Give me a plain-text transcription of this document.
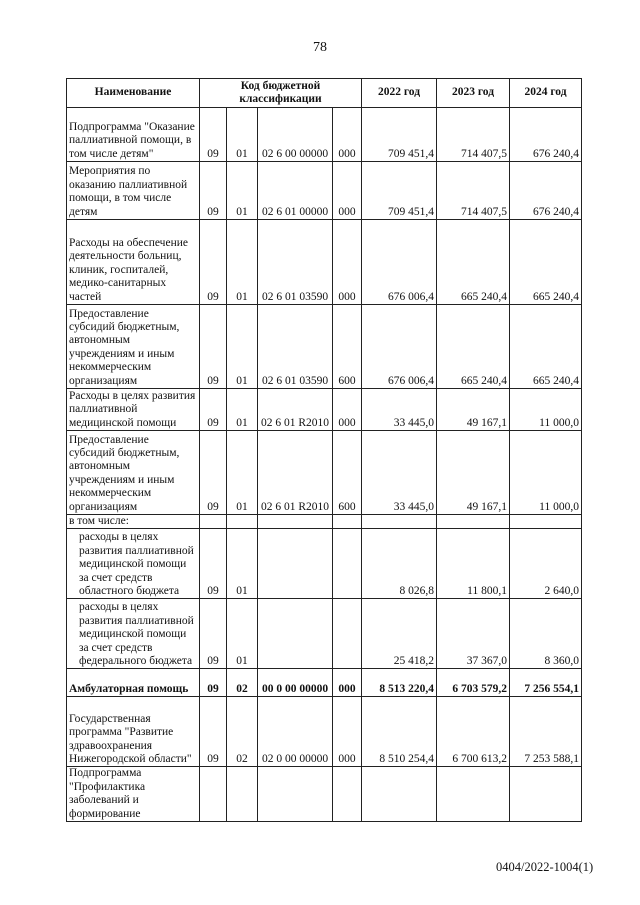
78
Наименование	Код бюджетной классификации				2022 год	2023 год	2024 год
Подпрограмма "Оказание паллиативной помощи, в том числе детям"	09	01	02 6 00 00000	000	709 451,4	714 407,5	676 240,4
Мероприятия по оказанию паллиативной помощи, в том числе детям	09	01	02 6 01 00000	000	709 451,4	714 407,5	676 240,4
Расходы на обеспечение деятельности больниц, клиник, госпиталей, медико-санитарных частей	09	01	02 6 01 03590	000	676 006,4	665 240,4	665 240,4
Предоставление субсидий бюджетным, автономным учреждениям и иным некоммерческим организациям	09	01	02 6 01 03590	600	676 006,4	665 240,4	665 240,4
Расходы в целях развития паллиативной медицинской помощи	09	01	02 6 01 R2010	000	33 445,0	49 167,1	11 000,0
Предоставление субсидий бюджетным, автономным учреждениям и иным некоммерческим организациям	09	01	02 6 01 R2010	600	33 445,0	49 167,1	11 000,0
в том числе:							
расходы в целях развития паллиативной медицинской помощи за счет средств областного бюджета	09	01			8 026,8	11 800,1	2 640,0
расходы в целях развития паллиативной медицинской помощи за счет средств федерального бюджета	09	01			25 418,2	37 367,0	8 360,0
Амбулаторная помощь	09	02	00 0 00 00000	000	8 513 220,4	6 703 579,2	7 256 554,1
Государственная программа "Развитие здравоохранения Нижегородской области"	09	02	02 0 00 00000	000	8 510 254,4	6 700 613,2	7 253 588,1
Подпрограмма "Профилактика заболеваний и формирование							
0404/2022-1004(1)
